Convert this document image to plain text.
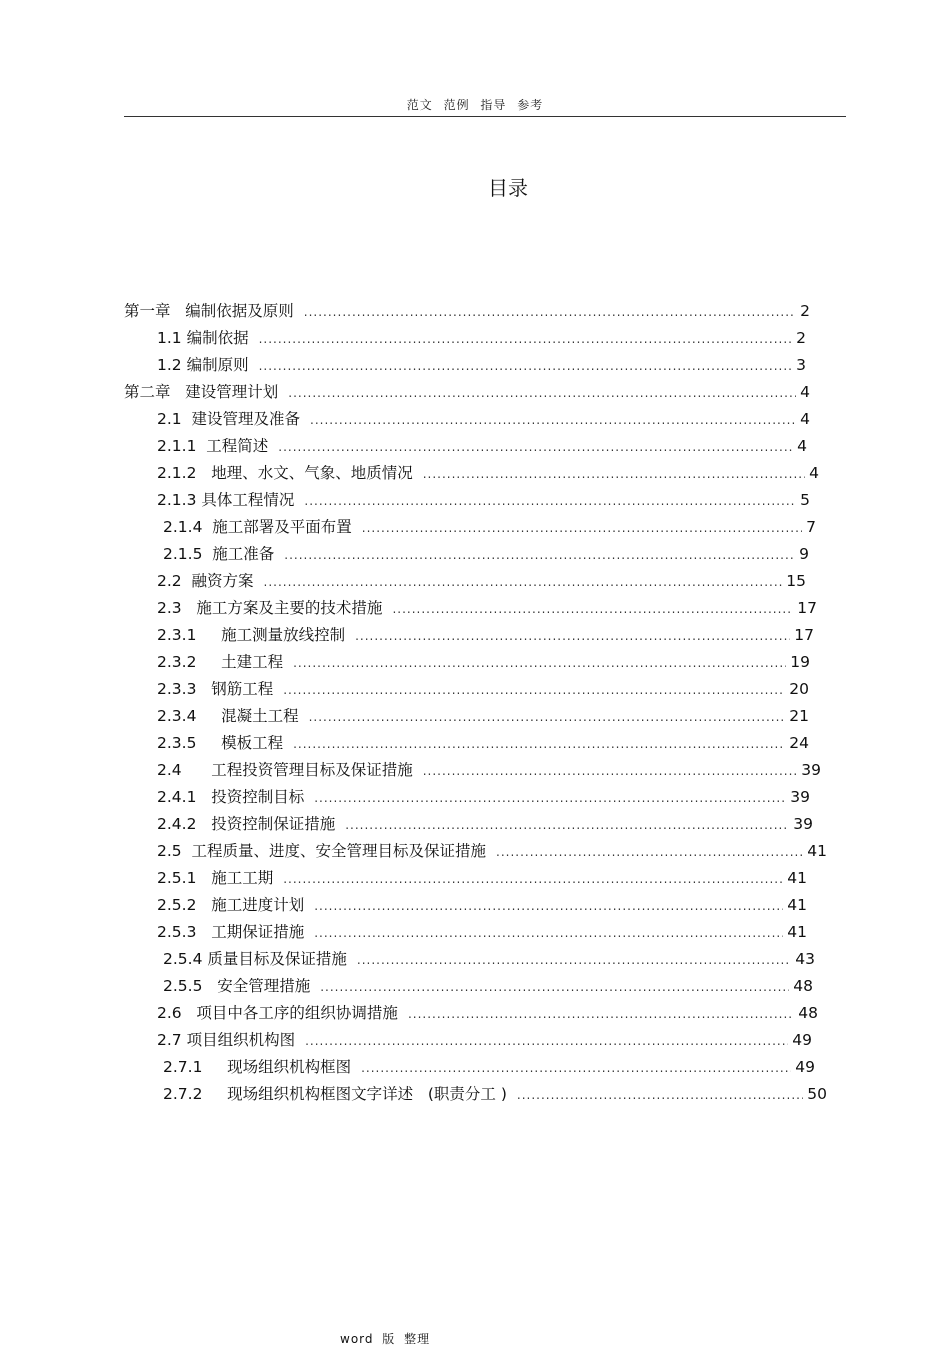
范文 范例 指导 参考
目录
第一章   编制依据及原则 .....	2
1.1 编制依据 .....	2
1.2 编制原则 .....	3
第二章   建设管理计划 .....	4
2.1  建设管理及准备 .....	4
2.1.1  工程简述 .....	4
2.1.2   地理、水文、气象、地质情况 .....	4
2.1.3 具体工程情况 .....	5
2.1.4  施工部署及平面布置 .....	7
2.1.5  施工准备 .....	9
2.2  融资方案 .....	15
2.3   施工方案及主要的技术措施 .....	17
2.3.1     施工测量放线控制 .....	17
2.3.2     土建工程 .....	19
2.3.3   钢筋工程 .....	20
2.3.4     混凝土工程 .....	21
2.3.5     模板工程 .....	24
2.4      工程投资管理目标及保证措施 .....	39
2.4.1   投资控制目标 .....	39
2.4.2   投资控制保证措施 .....	39
2.5  工程质量、进度、安全管理目标及保证措施 .....	41
2.5.1   施工工期 .....	41
2.5.2   施工进度计划 .....	41
2.5.3   工期保证措施 .....	41
2.5.4 质量目标及保证措施 .....	43
2.5.5   安全管理措施 .....	48
2.6   项目中各工序的组织协调措施 .....	48
2.7 项目组织机构图 .....	49
2.7.1     现场组织机构框图 .....	49
2.7.2     现场组织机构框图文字详述   (职责分工 ) .....	50
word 版 整理
